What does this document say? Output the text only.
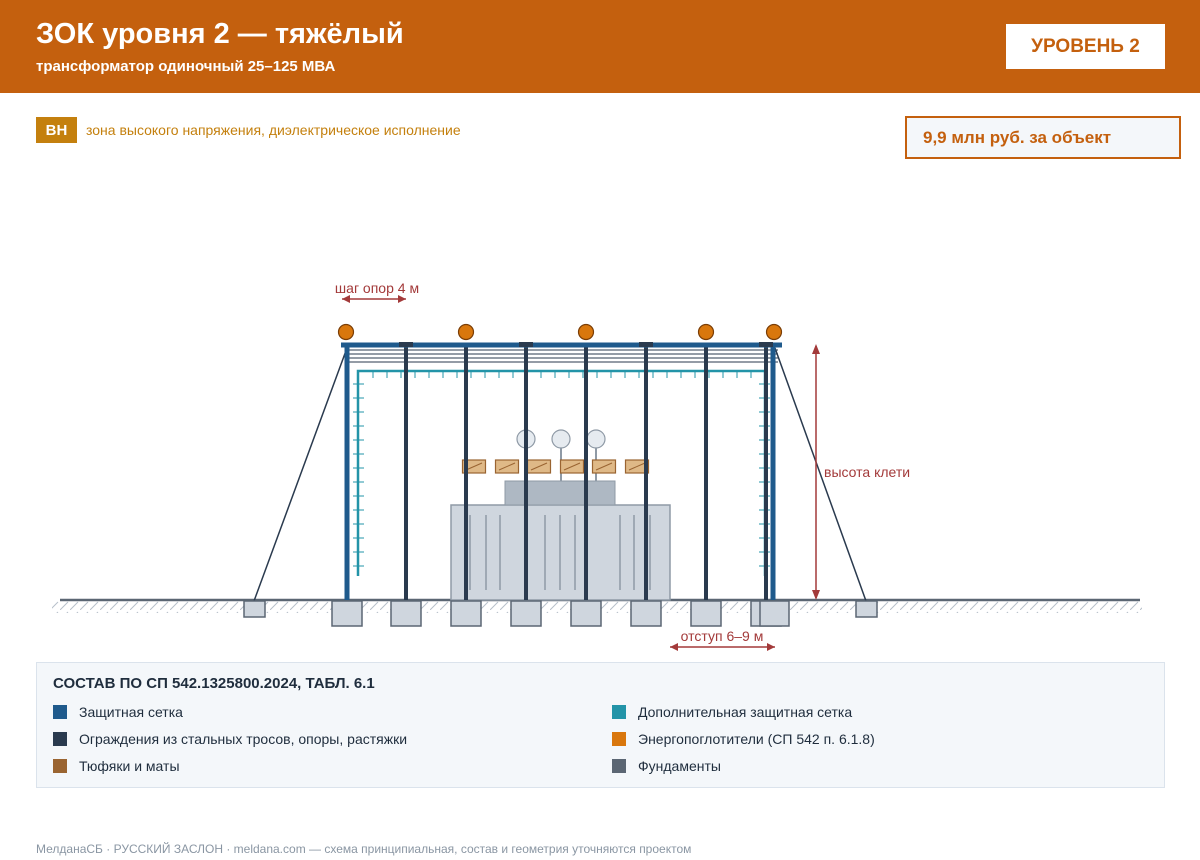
ЗОК уровня 2 — тяжёлый
трансформатор одиночный 25–125 МВА
УРОВЕНЬ 2
ВН	зона высокого напряжения, диэлектрическое исполнение	9,9 млн руб. за объект
шаг опор 4 м
высота клети
отступ 6–9 м
СОСТАВ ПО СП 542.1325800.2024, ТАБЛ. 6.1
Защитная сетка
Ограждения из стальных тросов, опоры, растяжки
Тюфяки и маты
Дополнительная защитная сетка
Энергопоглотители (СП 542 п. 6.1.8)
Фундаменты
МелданаСБ · РУССКИЙ ЗАСЛОН · meldana.com — схема принципиальная, состав и геометрия уточняются проектом
